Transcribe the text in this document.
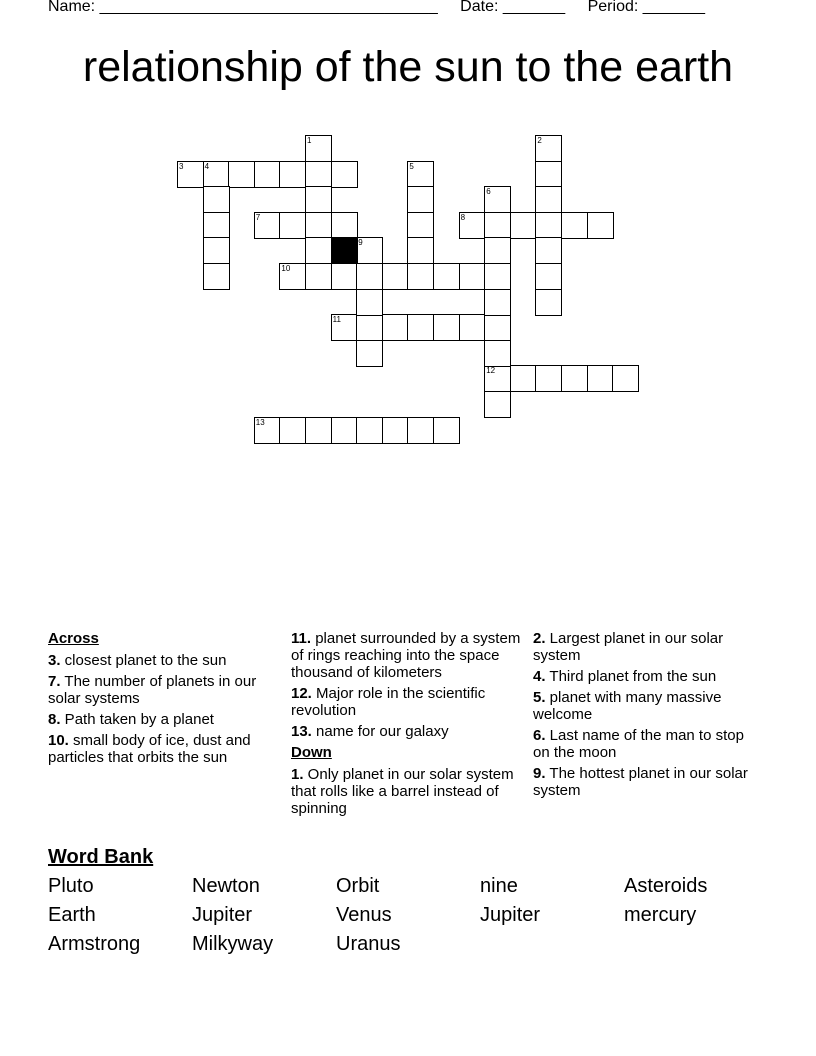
Name: ______________________________________ Date: _______ Period: _______
relationship of the sun to the earth
3	4
7	8
10
11
12
13
1	2
5
6
9
Across
3. closest planet to the sun
7. The number of planets in our solar systems
8. Path taken by a planet
10. small body of ice, dust and particles that orbits the sun
11. planet surrounded by a system of rings reaching into the space thousand of kilometers
12. Major role in the scientific revolution
13. name for our galaxy
Down
1. Only planet in our solar system that rolls like a barrel instead of spinning
2. Largest planet in our solar system
4. Third planet from the sun
5. planet with many massive welcome
6. Last name of the man to stop on the moon
9. The hottest planet in our solar system
Word Bank
Pluto	Newton	Orbit	nine	Asteroids
Earth	Jupiter	Venus	Jupiter	mercury
Armstrong	Milkyway	Uranus
